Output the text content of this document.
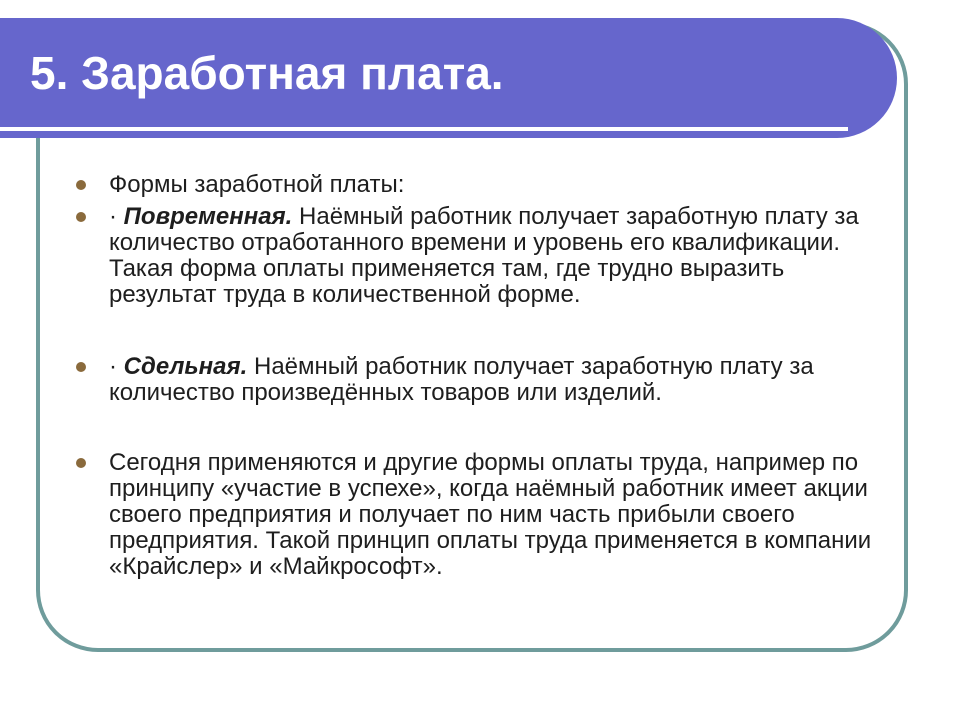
5. Заработная плата.
Формы заработной платы:
· Повременная. Наёмный работник получает заработную плату за количество отработанного времени и уровень его квалификации. Такая форма оплаты применяется там, где трудно выразить результат труда в количественной форме.
· Сдельная. Наёмный работник получает заработную плату за количество произведённых товаров или изделий.
Сегодня применяются и другие формы оплаты труда, например по принципу «участие в успехе», когда наёмный работник имеет акции своего предприятия и получает по ним часть прибыли своего предприятия. Такой принцип оплаты труда применяется в компании «Крайслер» и «Майкрософт».
